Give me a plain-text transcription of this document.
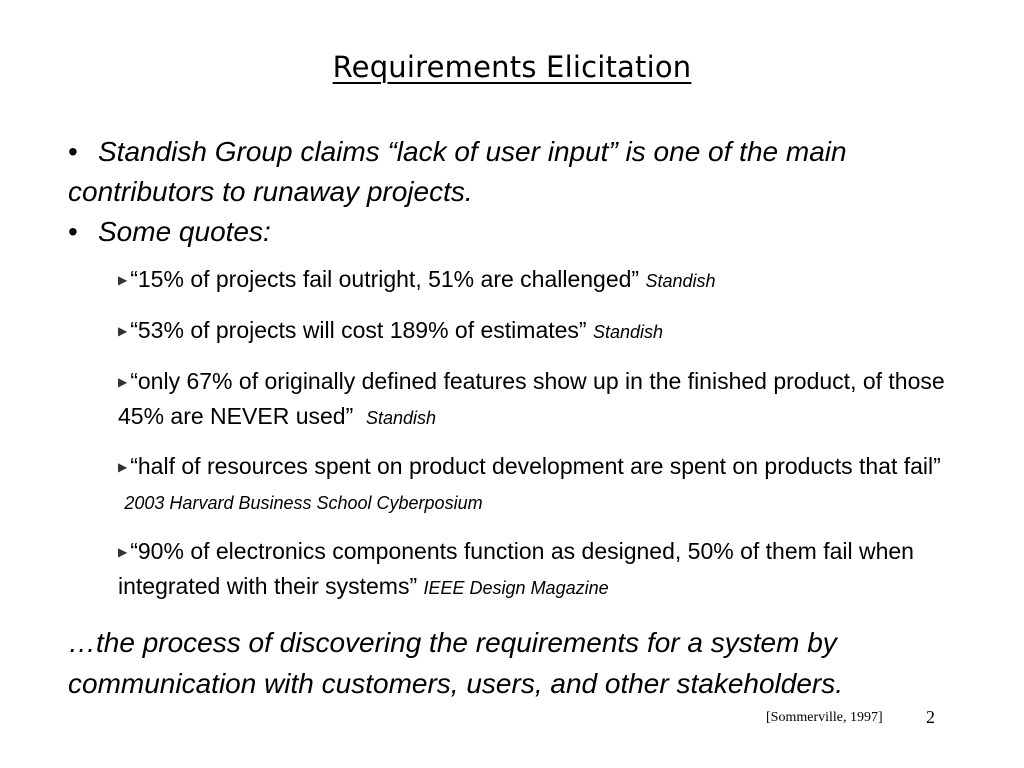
Requirements Elicitation
• Standish Group claims “lack of user input” is one of the main contributors to runaway projects.
• Some quotes:
▶ “15% of projects fail outright, 51% are challenged” Standish
▶ “53% of projects will cost 189% of estimates” Standish
▶ “only 67% of originally defined features show up in the finished product, of those 45% are NEVER used” Standish
▶ “half of resources spent on product development are spent on products that fail”  2003 Harvard Business School Cyberposium
▶ “90% of electronics components function as designed, 50% of them fail when integrated with their systems” IEEE Design Magazine
…the process of discovering the requirements for a system by communication with customers, users, and other stakeholders.
[Sommerville, 1997] 2
